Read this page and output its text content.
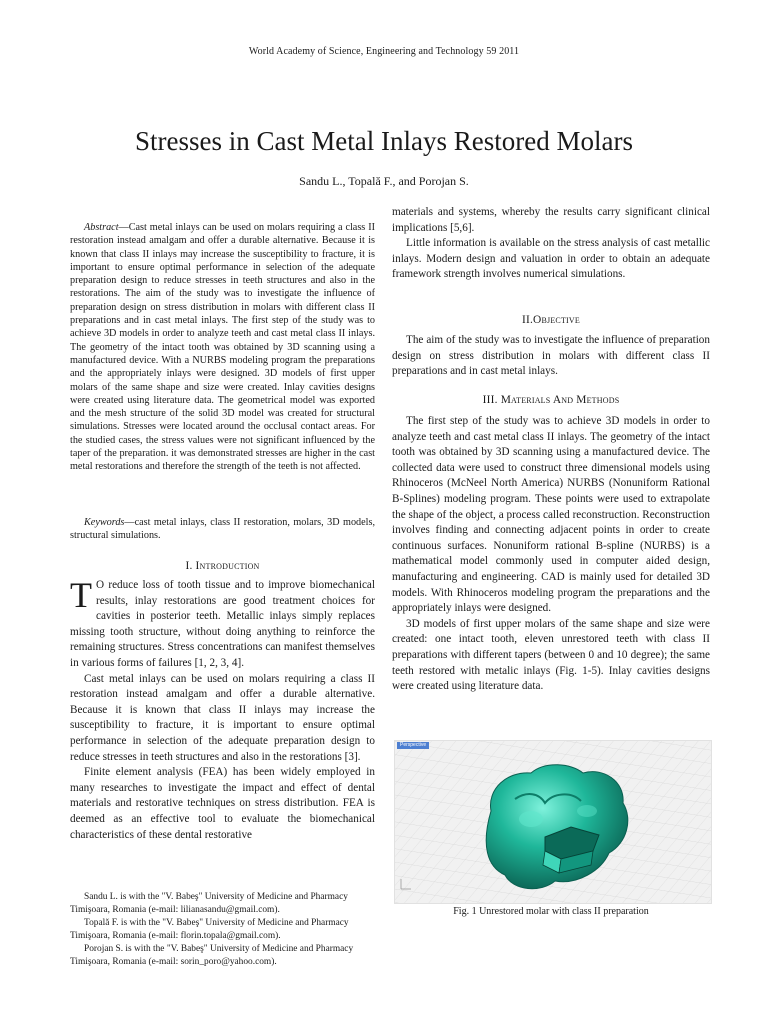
World Academy of Science, Engineering and Technology 59 2011
Stresses in Cast Metal Inlays Restored Molars
Sandu L., Topală F., and Porojan S.

Abstract—Cast metal inlays can be used on molars requiring a class II restoration instead amalgam and offer a durable alternative. Because it is known that class II inlays may increase the susceptibility to fracture, it is important to ensure optimal performance in selection of the adequate preparation design to reduce stresses in teeth structures and also in the restorations. The aim of the study was to investigate the influence of preparation design on stress distribution in molars with different class II preparations and in cast metal inlays. The first step of the study was to achieve 3D models in order to analyze teeth and cast metal class II inlays. The geometry of the intact tooth was obtained by 3D scanning using a manufactured device. With a NURBS modeling program the preparations and the appropriately inlays were designed. 3D models of first upper molars of the same shape and size were created. Inlay cavities designs were created using literature data. The geometrical model was exported and the mesh structure of the solid 3D model was created for structural simulations. Stresses were located around the occlusal contact areas. For the studied cases, the stress values were not significant influenced by the taper of the preparation. it was demonstrated stresses are higher in the cast metal restorations and therefore the strength of the teeth is not affected.

Keywords—cast metal inlays, class II restoration, molars, 3D models, structural simulations.

I. Introduction

T O reduce loss of tooth tissue and to improve biomechanical results, inlay restorations are good treatment choices for cavities in posterior teeth. Metallic inlays simply replaces missing tooth structure, without doing anything to reinforce the remaining structures. Stress concentrations can manifest themselves in various forms of failures [1, 2, 3, 4].

Cast metal inlays can be used on molars requiring a class II restoration instead amalgam and offer a durable alternative. Because it is known that class II inlays may increase the susceptibility to fracture, it is important to ensure optimal performance in selection of the adequate preparation design to reduce stresses in teeth structures and also in the restorations [3].

Finite element analysis (FEA) has been widely employed in many researches to investigate the impact and effect of dental materials and restorative techniques on stress distribution. FEA is deemed as an effective tool to evaluate the biomechanical characteristics of these dental restorative

Sandu L. is with the "V. Babeş" University of Medicine and Pharmacy Timişoara, Romania (e-mail: lilianasandu@gmail.com).

Topală F. is with the "V. Babeş" University of Medicine and Pharmacy Timişoara, Romania (e-mail: florin.topala@gmail.com).

Porojan S. is with the "V. Babeş" University of Medicine and Pharmacy Timişoara, Romania (e-mail: sorin_poro@yahoo.com).

materials and systems, whereby the results carry significant clinical implications [5,6].

Little information is available on the stress analysis of cast metallic inlays. Modern design and valuation in order to obtain an adequate framework strength involves numerical simulations.

II.Objective

The aim of the study was to investigate the influence of preparation design on stress distribution in molars with different class II preparations and in cast metal inlays.

III. Materials And Methods

The first step of the study was to achieve 3D models in order to analyze teeth and cast metal class II inlays. The geometry of the intact tooth was obtained by 3D scanning using a manufactured device. The collected data were used to construct three dimensional models using Rhinoceros (McNeel North America) NURBS (Nonuniform Rational B-Splines) modeling program. These points were used to extrapolate the shape of the object, a process called reconstruction. Reconstruction involves finding and connecting adjacent points in order to create continuous surfaces. Nonuniform rational B-spline (NURBS) is a mathematical model commonly used in computer aided design, manufacturing and engineering. CAD is mainly used for detailed 3D models. With Rhinoceros modeling program the preparations and the appropriately inlays were designed.

3D models of first upper molars of the same shape and size were created: one intact tooth, eleven unrestored teeth with class II preparations with different tapers (between 0 and 10 degree); the same teeth restored with metalic inlays (Fig. 1-5). Inlay cavities designs were created using literature data.

Perspective
Fig. 1 Unrestored molar with class II preparation
